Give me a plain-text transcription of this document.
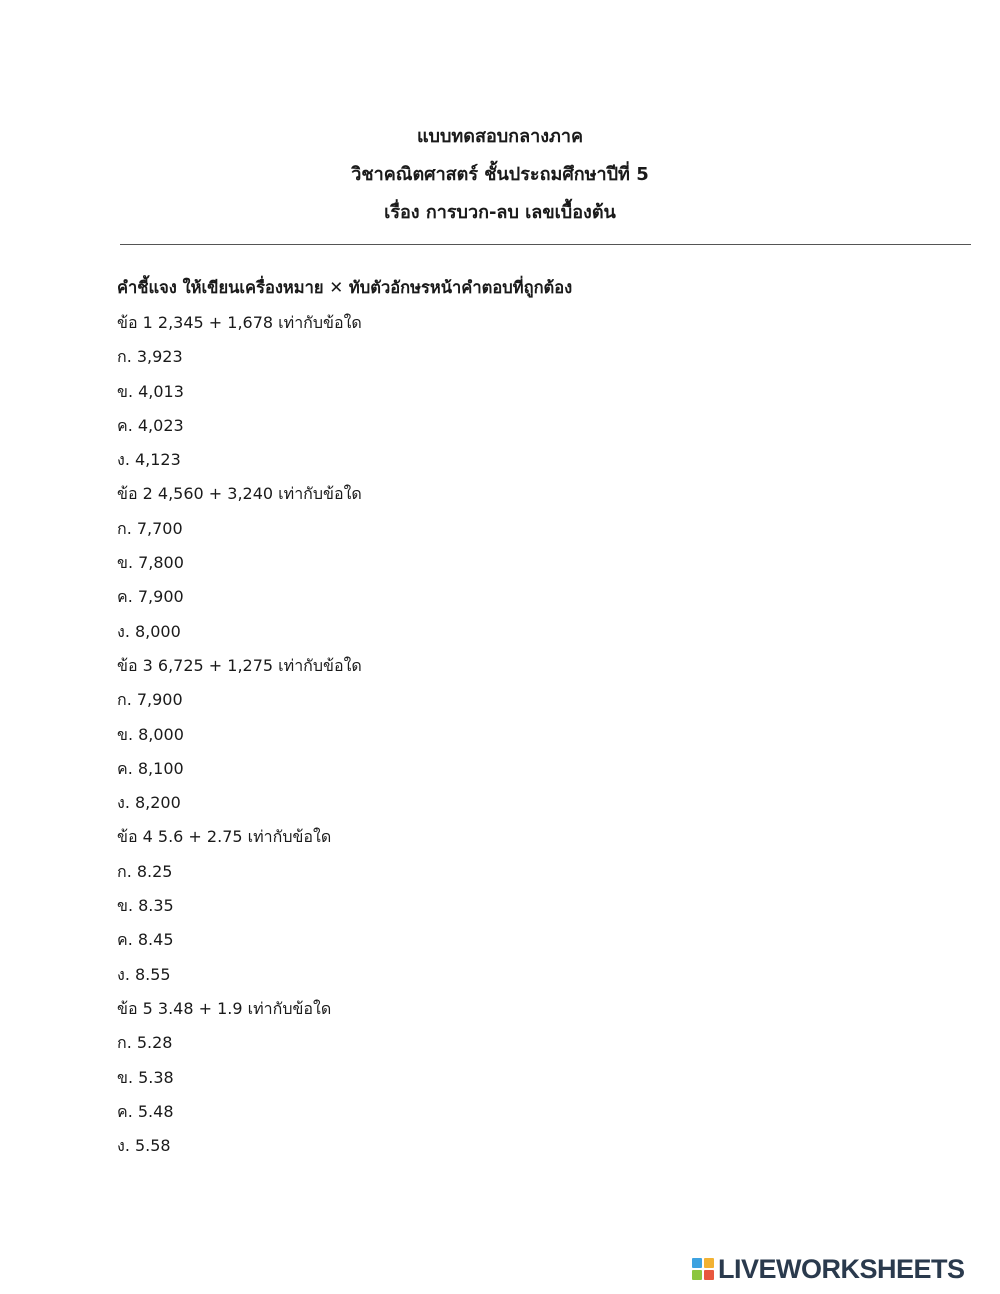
แบบทดสอบกลางภาค
วิชาคณิตศาสตร์ ชั้นประถมศึกษาปีที่ 5
เรื่อง การบวก-ลบ เลขเบื้องต้น
คำชี้แจง ให้เขียนเครื่องหมาย ✕ ทับตัวอักษรหน้าคำตอบที่ถูกต้อง
ข้อ 1 2,345 + 1,678 เท่ากับข้อใด
ก. 3,923
ข. 4,013
ค. 4,023
ง. 4,123
ข้อ 2 4,560 + 3,240 เท่ากับข้อใด
ก. 7,700
ข. 7,800
ค. 7,900
ง. 8,000
ข้อ 3 6,725 + 1,275 เท่ากับข้อใด
ก. 7,900
ข. 8,000
ค. 8,100
ง. 8,200
ข้อ 4 5.6 + 2.75 เท่ากับข้อใด
ก. 8.25
ข. 8.35
ค. 8.45
ง. 8.55
ข้อ 5 3.48 + 1.9 เท่ากับข้อใด
ก. 5.28
ข. 5.38
ค. 5.48
ง. 5.58
LIVEWORKSHEETS
